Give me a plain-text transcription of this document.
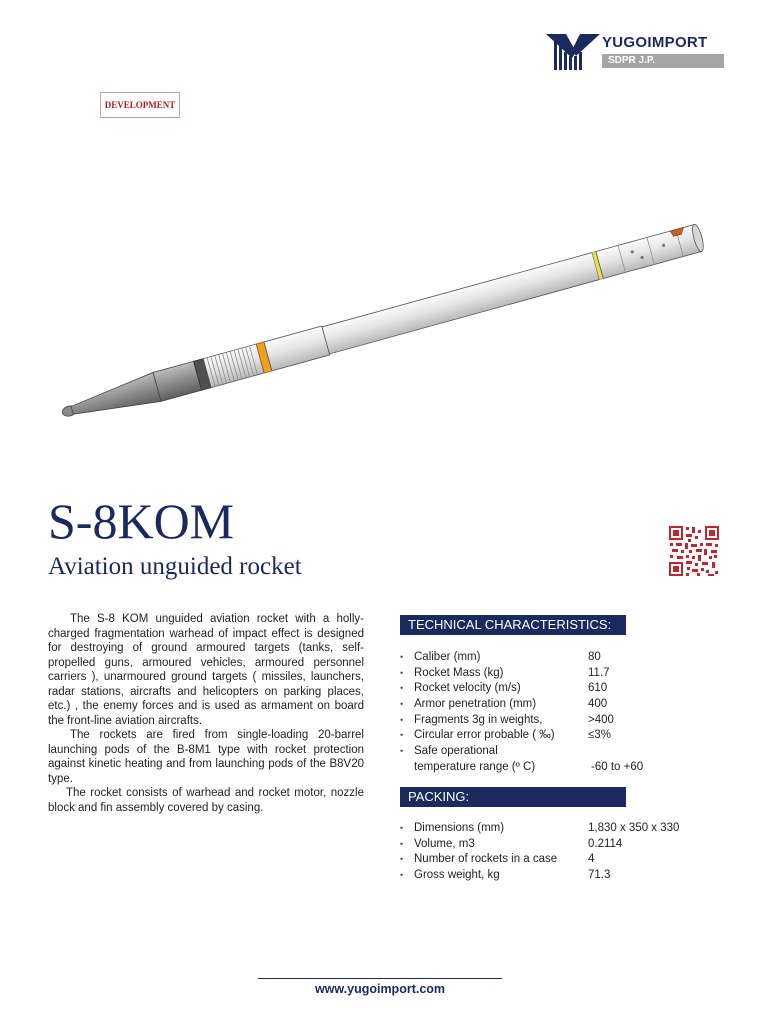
YUGOIMPORT
SDPR J.P.
DEVELOPMENT
S-8KOM
Aviation unguided rocket

The S-8 KOM unguided aviation rocket with a holly-charged fragmentation warhead of impact effect is designed for destroying of ground armoured targets (tanks, self-propelled guns, armoured vehicles, armoured personnel carriers ), unarmoured ground targets ( missiles, launchers, radar stations, aircrafts and helicopters on parking places, etc.) , the enemy forces and is used as armament on board the front-line aviation aircrafts.

The rockets are fired from single-loading 20-barrel launching pods of the B-8M1 type with rocket protection against kinetic heating and from launching pods of the B8V20 type.

The rocket consists of warhead and rocket motor, nozzle block and fin assembly covered by casing.

TECHNICAL CHARACTERISTICS:
• Caliber (mm)	80
• Rocket Mass (kg)	11.7
• Rocket velocity (m/s)	610
• Armor penetration (mm)	400
• Fragments 3g in weights,	>400
• Circular error probable ( ‰)	≤3%
• Safe operational
temperature range (º C)	-60 to +60
PACKING:
• Dimensions (mm)	1,830 x 350 x 330
• Volume, m3	0.2114
• Number of rockets in a case	4
• Gross weight, kg	71.3
www.yugoimport.com
